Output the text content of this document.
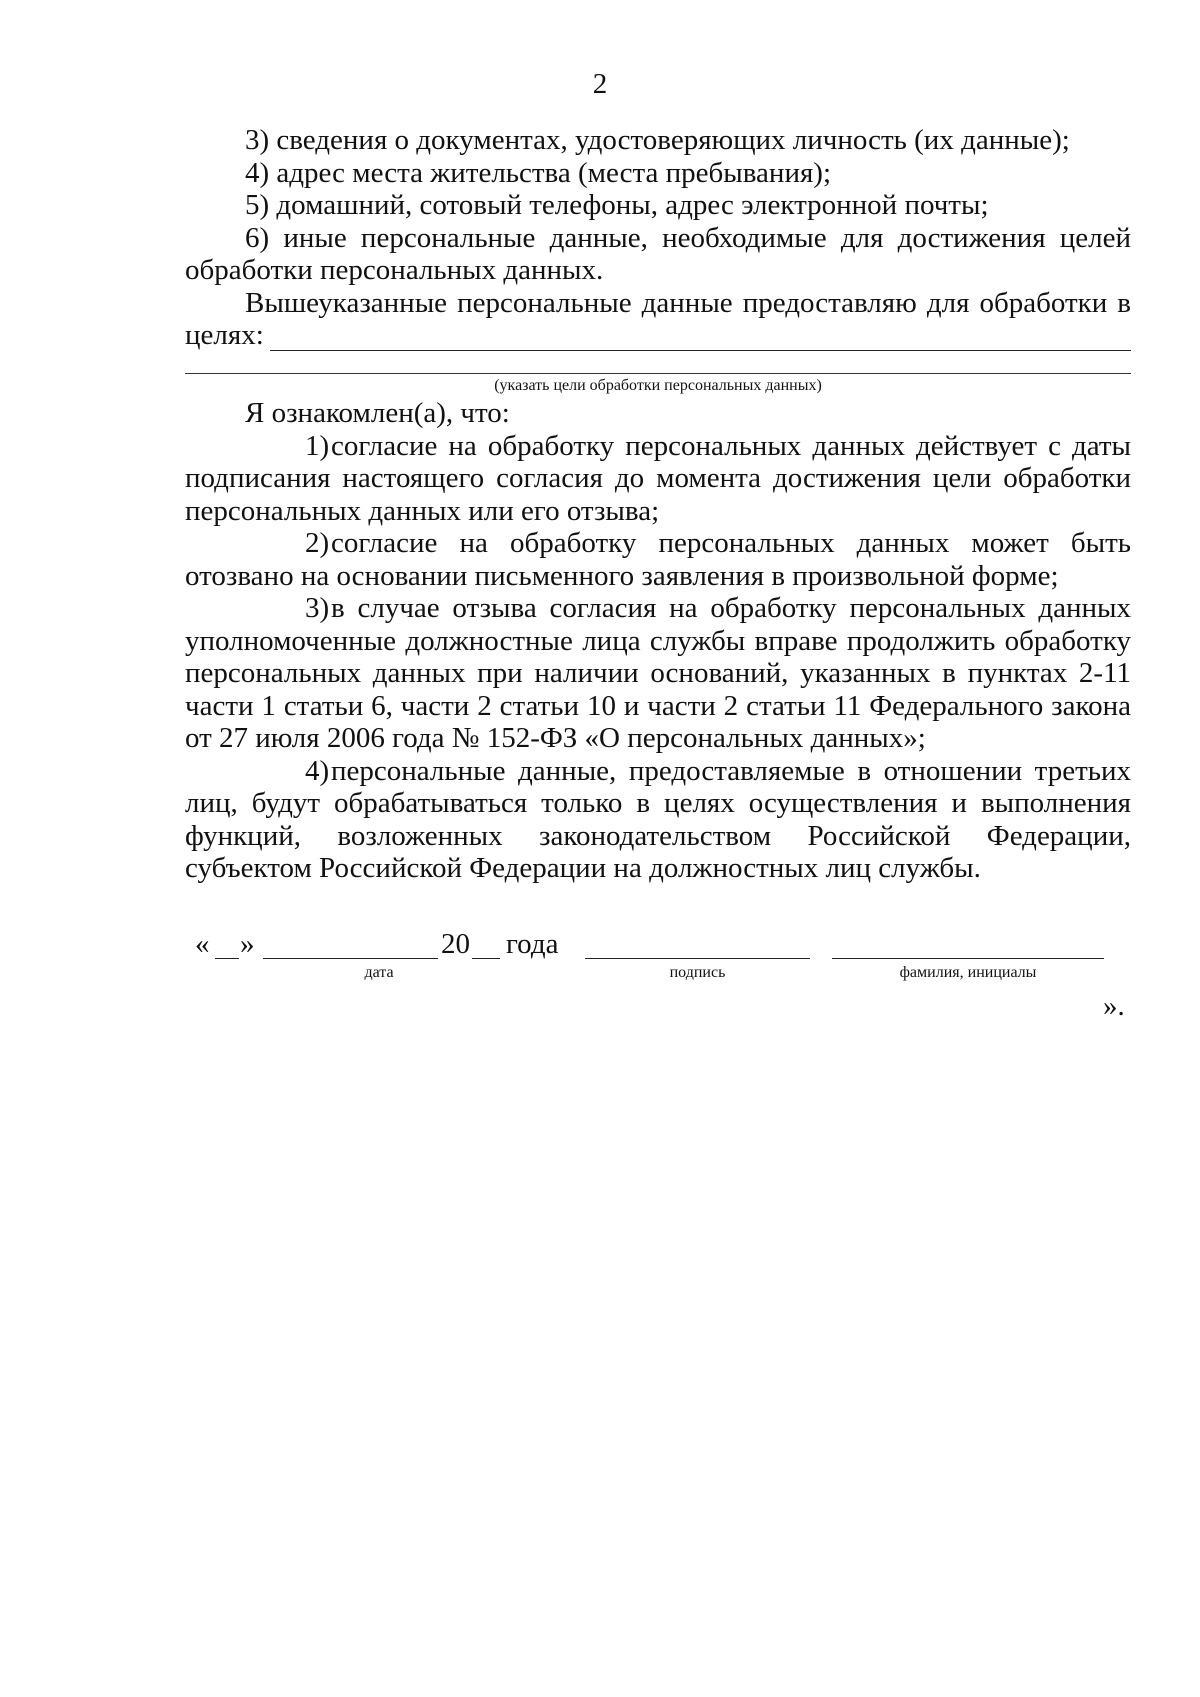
2

3) сведения о документах, удостоверяющих личность (их данные);

4) адрес места жительства (места пребывания);

5) домашний, сотовый телефоны, адрес электронной почты;

6) иные персональные данные, необходимые для достижения целей обработки персональных данных.

Вышеуказанные персональные данные предоставляю для обработки в

целях:
(указать цели обработки персональных данных)

Я ознакомлен(а), что:

1)согласие на обработку персональных данных действует с даты подписания настоящего согласия до момента достижения цели обработки персональных данных или его отзыва;

2)согласие на обработку персональных данных может быть отозвано на основании письменного заявления в произвольной форме;

3)в случае отзыва согласия на обработку персональных данных уполномоченные должностные лица службы вправе продолжить обработку персональных данных при наличии оснований, указанных в пунктах 2-11 части 1 статьи 6, части 2 статьи 10 и части 2 статьи 11 Федерального закона от 27 июля 2006 года № 152-ФЗ «О персональных данных»;

4)персональные данные, предоставляемые в отношении третьих лиц, будут обрабатываться только в целях осуществления и выполнения функций, возложенных законодательством Российской Федерации, субъектом Российской Федерации на должностных лиц службы.

« »	20 года
дата	подпись	фамилия, инициалы
».
